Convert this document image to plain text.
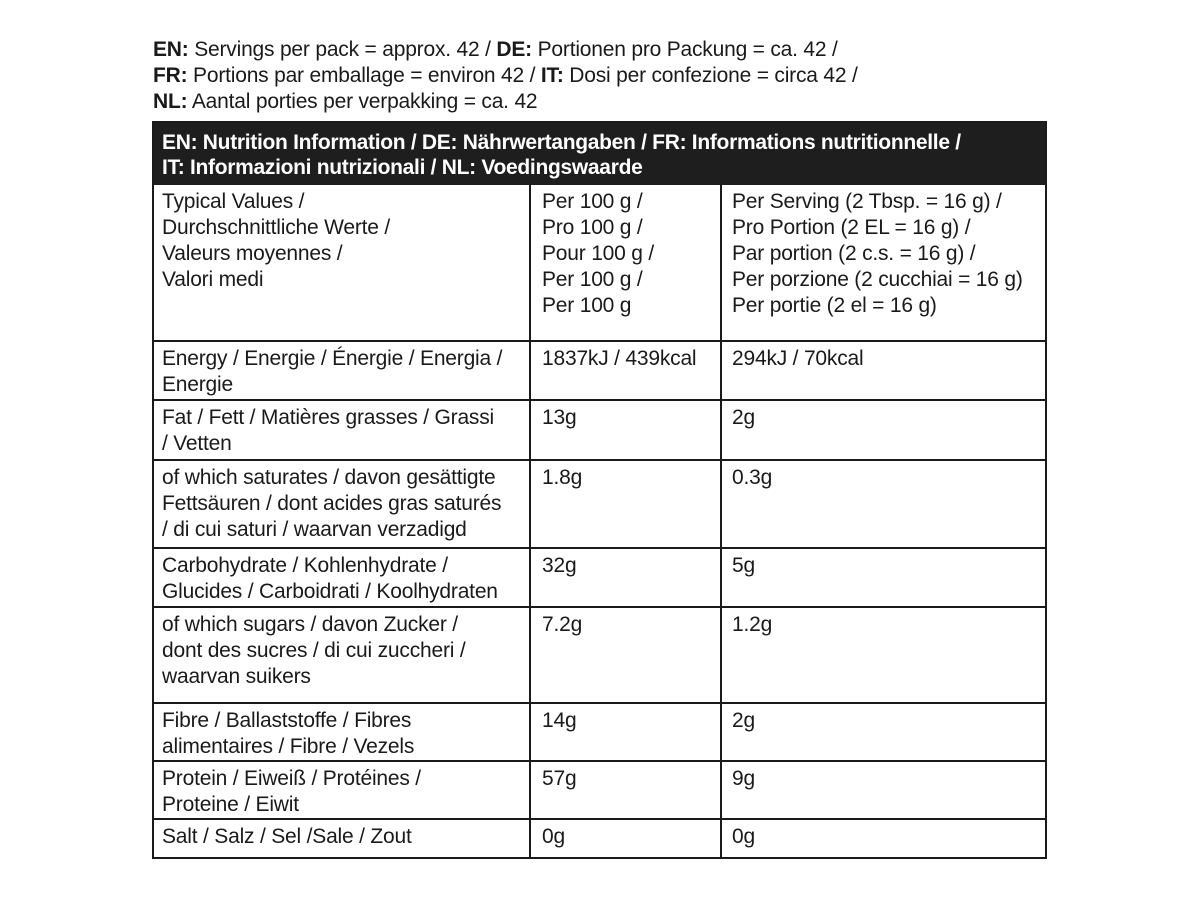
EN: Servings per pack = approx. 42 / DE: Portionen pro Packung = ca. 42 /
FR: Portions par emballage = environ 42 / IT: Dosi per confezione = circa 42 /
NL: Aantal porties per verpakking = ca. 42
EN: Nutrition Information / DE: Nährwertangaben / FR: Informations nutritionnelle /
IT: Informazioni nutrizionali / NL: Voedingswaarde
Typical Values /
Durchschnittliche Werte /
Valeurs moyennes /
Valori medi	Per 100 g /
Pro 100 g /
Pour 100 g /
Per 100 g /
Per 100 g	Per Serving (2 Tbsp. = 16 g) /
Pro Portion (2 EL = 16 g) /
Par portion (2 c.s. = 16 g) /
Per porzione (2 cucchiai = 16 g)
Per portie (2 el = 16 g)

Energy / Energie / Énergie / Energia /
Energie	1837kJ / 439kcal	294kJ / 70kcal

Fat / Fett / Matières grasses / Grassi
/ Vetten	13g	2g

of which saturates / davon gesättigte
Fettsäuren / dont acides gras saturés
/ di cui saturi / waarvan verzadigd	1.8g	0.3g

Carbohydrate / Kohlenhydrate /
Glucides / Carboidrati / Koolhydraten	32g	5g

of which sugars / davon Zucker /
dont des sucres / di cui zuccheri /
waarvan suikers	7.2g	1.2g

Fibre / Ballaststoffe / Fibres
alimentaires / Fibre / Vezels	14g	2g

Protein / Eiweiß / Protéines /
Proteine / Eiwit	57g	9g

Salt / Salz / Sel /Sale / Zout	0g	0g
